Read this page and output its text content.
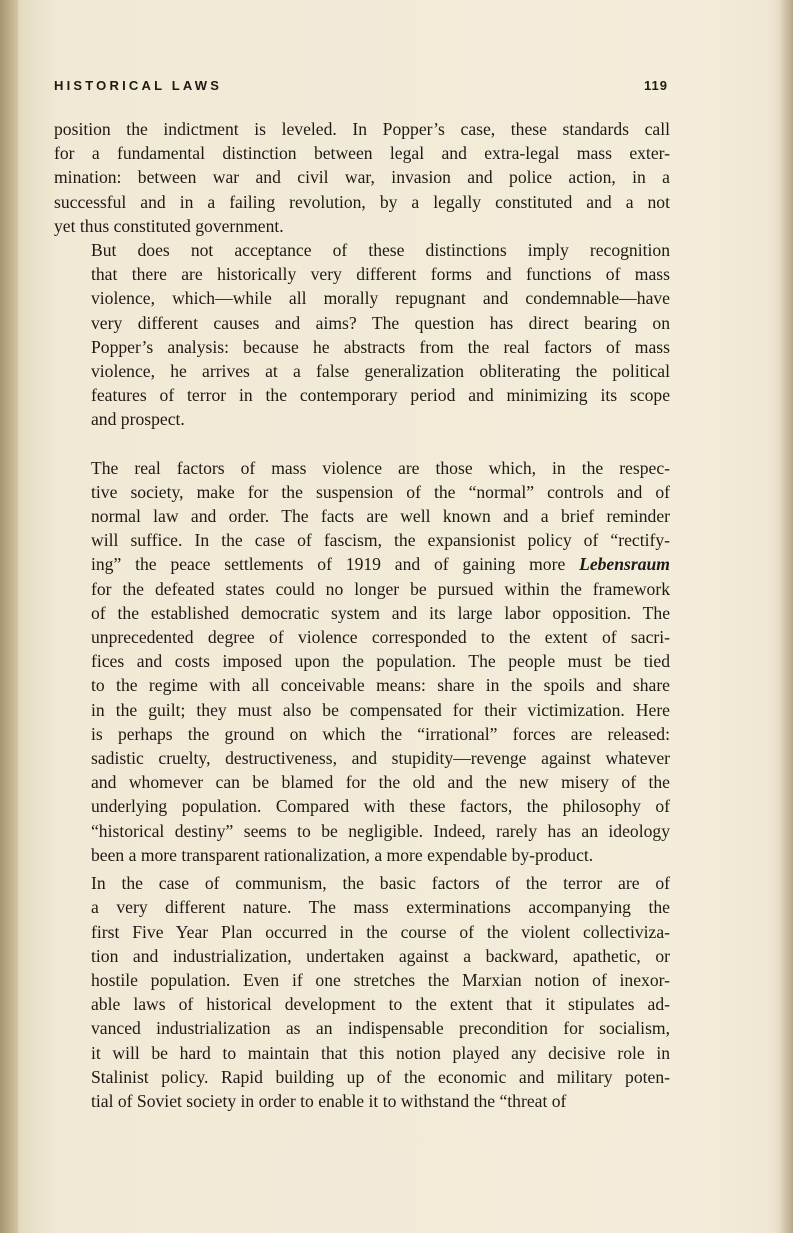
HISTORICAL LAWS	119

position the indictment is leveled. In Popper’s case, these standards call
for a fundamental distinction between legal and extra-legal mass exter-
mination: between war and civil war, invasion and police action, in a
successful and in a failing revolution, by a legally constituted and a not
yet thus constituted government.

But does not acceptance of these distinctions imply recognition
that there are historically very different forms and functions of mass
violence, which—while all morally repugnant and condemnable—have
very different causes and aims? The question has direct bearing on
Popper’s analysis: because he abstracts from the real factors of mass
violence, he arrives at a false generalization obliterating the political
features of terror in the contemporary period and minimizing its scope
and prospect.

The real factors of mass violence are those which, in the respec-
tive society, make for the suspension of the “normal” controls and of
normal law and order. The facts are well known and a brief reminder
will suffice. In the case of fascism, the expansionist policy of “rectify-
ing” the peace settlements of 1919 and of gaining more Lebensraum
for the defeated states could no longer be pursued within the framework
of the established democratic system and its large labor opposition. The
unprecedented degree of violence corresponded to the extent of sacri-
fices and costs imposed upon the population. The people must be tied
to the regime with all conceivable means: share in the spoils and share
in the guilt; they must also be compensated for their victimization. Here
is perhaps the ground on which the “irrational” forces are released:
sadistic cruelty, destructiveness, and stupidity—revenge against whatever
and whomever can be blamed for the old and the new misery of the
underlying population. Compared with these factors, the philosophy of
“historical destiny” seems to be negligible. Indeed, rarely has an ideology
been a more transparent rationalization, a more expendable by-product.

In the case of communism, the basic factors of the terror are of
a very different nature. The mass exterminations accompanying the
first Five Year Plan occurred in the course of the violent collectiviza-
tion and industrialization, undertaken against a backward, apathetic, or
hostile population. Even if one stretches the Marxian notion of inexor-
able laws of historical development to the extent that it stipulates ad-
vanced industrialization as an indispensable precondition for socialism,
it will be hard to maintain that this notion played any decisive role in
Stalinist policy. Rapid building up of the economic and military poten-
tial of Soviet society in order to enable it to withstand the “threat of
